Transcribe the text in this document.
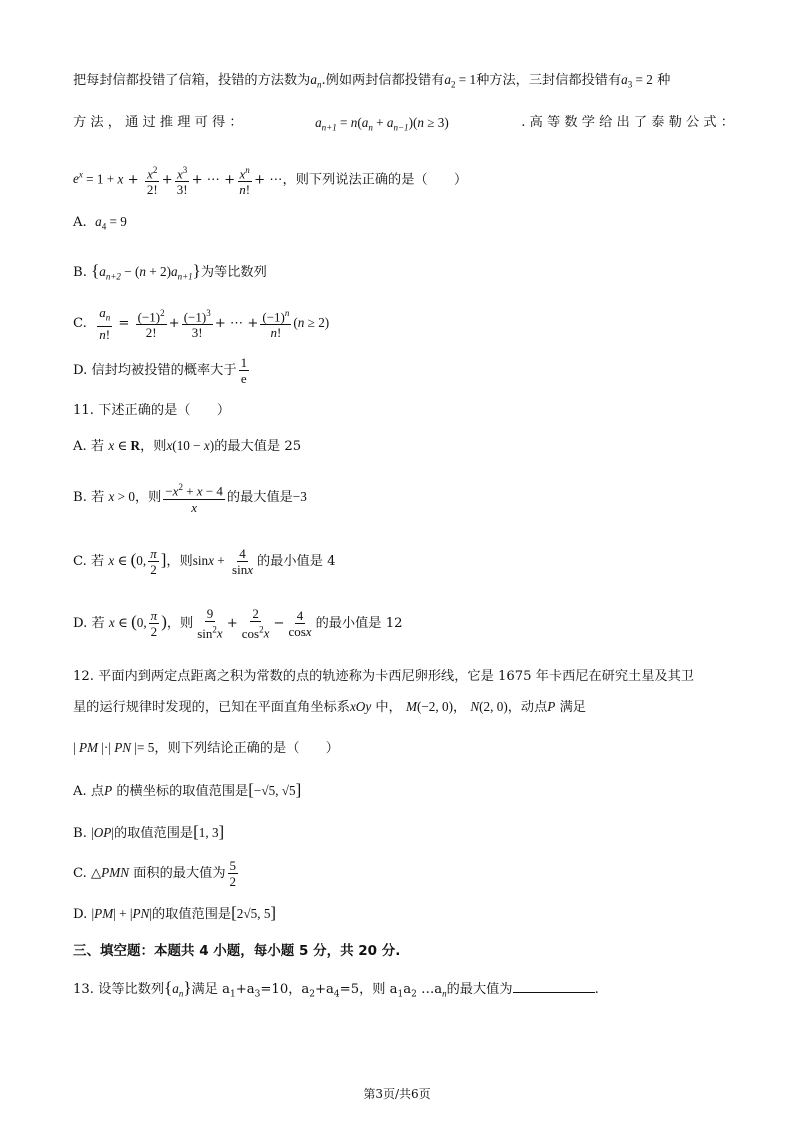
把每封信都投错了信箱，投错的方法数为$a_n$.例如两封信都投错有$a_2 = 1$种方法，三封信都投错有$a_3 = 2$ 种
方 法 ， 通 过 推 理 可 得 ：	$a_{n+1} = n(a_n + a_{n-1})(n \ge 3)$	. 高 等 数 学 给 出 了 泰 勒 公 式 ：
$e^x = 1 + x + \frac{x^2}{2!} + \frac{x^3}{3!}$ + ⋯ + $\frac{x^n}{n!}$ + ⋯，则下列说法正确的是（　　）
A. $a_4 = 9$
B. $\{a_{n+2} - (n + 2)a_{n+1}\}$为等比数列
C. $\frac{a_n}{n!} = \frac{(-1)^2}{2!} + \frac{(-1)^3}{3!}$ + ⋯ + $\frac{(-1)^n}{n!} (n \ge 2)$
D. 信封均被投错的概率大于 $\frac{1}{e}$
11. 下述正确的是（　　）
A. 若 x ∈ R，则x(10 − x)的最大值是 25
B. 若 x > 0，则 $\frac{-x^2 + x - 4}{x}$ 的最大值是−3
C. 若 x ∈ (0, $\frac{\pi}{2}$ ]，则$\sin x + \frac{4}{\sin x}$ 的最小值是 4
D. 若 x ∈ (0, $\frac{\pi}{2}$ )，则 $\frac{9}{\sin^2x} + \frac{2}{\cos^2x} - \frac{4}{\cos x}$ 的最小值是 12
12. 平面内到两定点距离之积为常数的点的轨迹称为卡西尼卵形线，它是 1675 年卡西尼在研究土星及其卫
星的运行规律时发现的，已知在平面直角坐标系xOy 中， M(−2, 0)， N(2, 0)，动点P 满足
| PM |·| PN |= 5，则下列结论正确的是（　　）
A. 点P 的横坐标的取值范围是[−√5, √5]
B. |OP|的取值范围是[1, 3]
C. △PMN 面积的最大值为 $\frac{5}{2}$
D. |PM| + |PN|的取值范围是[2√5, 5]
三、填空题：本题共 4 小题，每小题 5 分，共 20 分.
13. 设等比数列$\{a_n\}$满足 $a_1+a_3=10$，$a_2+a_4=5$，则 $a_1a_2$ $\dots a_n$的最大值为	.
第3页/共6页
